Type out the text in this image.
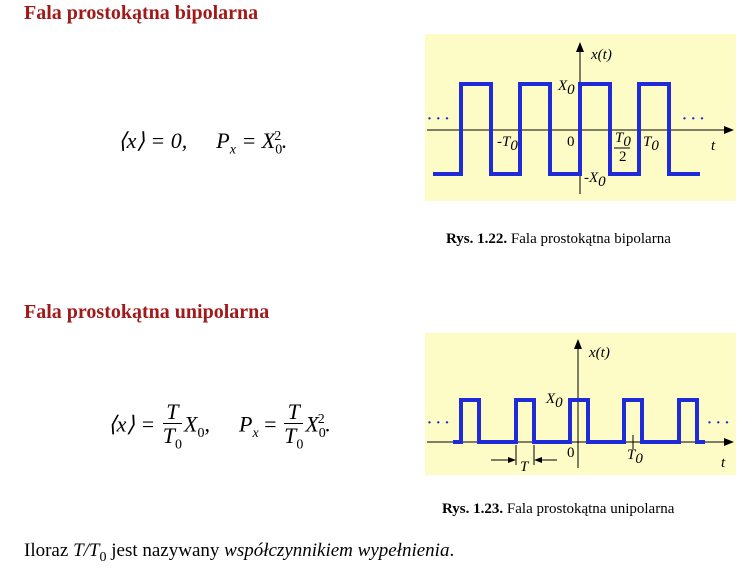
Fala prostokątna bipolarna
⟨x⟩ = 0, $P_x = X_0^2$.
· · ·	· · ·
x(t)
t
X0
-X0
0
-T0	T0
2
T0
Rys. 1.22. Fala prostokątna bipolarna
Fala prostokątna unipolarna
⟨x⟩ = $\frac{T}{T_0} X_0$, $P_x = \frac{T}{T_0} X_0^2$.	· · ·	· · ·
x(t)
t
X0
0
T
T0
Rys. 1.23. Fala prostokątna unipolarna
Iloraz $T/T_0$ jest nazywany współczynnikiem wypełnienia.
